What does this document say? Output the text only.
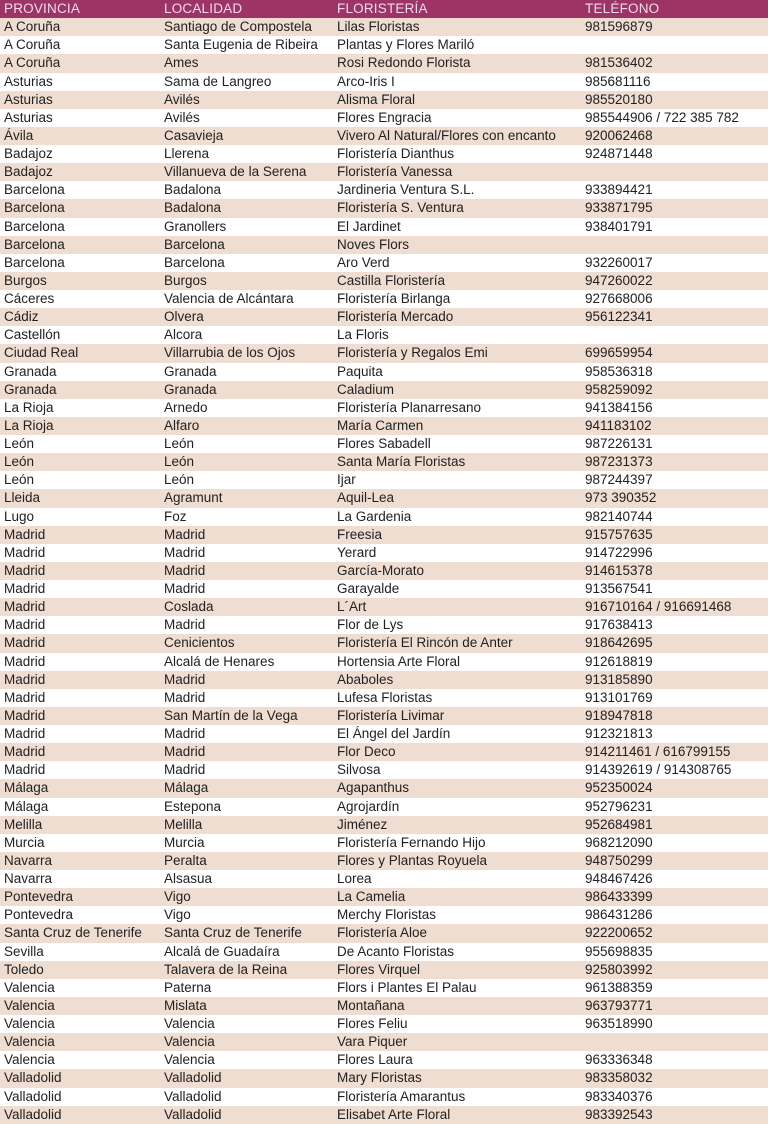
PROVINCIA	LOCALIDAD	FLORISTERÍA	TELÉFONO
A Coruña	Santiago de Compostela	Lilas Floristas	981596879
A Coruña	Santa Eugenia de Ribeira	Plantas y Flores Mariló	
A Coruña	Ames	Rosi Redondo Florista	981536402
Asturias	Sama de Langreo	Arco-Iris I	985681116
Asturias	Avilés	Alisma Floral	985520180
Asturias	Avilés	Flores Engracia	985544906 / 722 385 782
Ávila	Casavieja	Vivero Al Natural/Flores con encanto	920062468
Badajoz	Llerena	Floristería Dianthus	924871448
Badajoz	Villanueva de la Serena	Floristería Vanessa	
Barcelona	Badalona	Jardineria Ventura S.L.	933894421
Barcelona	Badalona	Floristería S. Ventura	933871795
Barcelona	Granollers	El Jardinet	938401791
Barcelona	Barcelona	Noves Flors	
Barcelona	Barcelona	Aro Verd	932260017
Burgos	Burgos	Castilla Floristería	947260022
Cáceres	Valencia de Alcántara	Floristería Birlanga	927668006
Cádiz	Olvera	Floristería Mercado	956122341
Castellón	Alcora	La Floris	
Ciudad Real	Villarrubia de los Ojos	Floristería y Regalos Emi	699659954
Granada	Granada	Paquita	958536318
Granada	Granada	Caladium	958259092
La Rioja	Arnedo	Floristería Planarresano	941384156
La Rioja	Alfaro	María Carmen	941183102
León	León	Flores Sabadell	987226131
León	León	Santa María Floristas	987231373
León	León	Ijar	987244397
Lleida	Agramunt	Aquil-Lea	973 390352
Lugo	Foz	La Gardenia	982140744
Madrid	Madrid	Freesia	915757635
Madrid	Madrid	Yerard	914722996
Madrid	Madrid	García-Morato	914615378
Madrid	Madrid	Garayalde	913567541
Madrid	Coslada	L´Art	916710164 / 916691468
Madrid	Madrid	Flor de Lys	917638413
Madrid	Cenicientos	Floristería El Rincón de Anter	918642695
Madrid	Alcalá de Henares	Hortensia Arte Floral	912618819
Madrid	Madrid	Ababoles	913185890
Madrid	Madrid	Lufesa Floristas	913101769
Madrid	San Martín de la Vega	Floristería Livimar	918947818
Madrid	Madrid	El Ángel del Jardín	912321813
Madrid	Madrid	Flor Deco	914211461 / 616799155
Madrid	Madrid	Silvosa	914392619 / 914308765
Málaga	Málaga	Agapanthus	952350024
Málaga	Estepona	Agrojardín	952796231
Melilla	Melilla	Jiménez	952684981
Murcia	Murcia	Floristería Fernando Hijo	968212090
Navarra	Peralta	Flores y Plantas Royuela	948750299
Navarra	Alsasua	Lorea	948467426
Pontevedra	Vigo	La Camelia	986433399
Pontevedra	Vigo	Merchy Floristas	986431286
Santa Cruz de Tenerife	Santa Cruz de Tenerife	Floristería Aloe	922200652
Sevilla	Alcalá de Guadaíra	De Acanto Floristas	955698835
Toledo	Talavera de la Reina	Flores Virquel	925803992
Valencia	Paterna	Flors i Plantes El Palau	961388359
Valencia	Mislata	Montañana	963793771
Valencia	Valencia	Flores Feliu	963518990
Valencia	Valencia	Vara Piquer	
Valencia	Valencia	Flores Laura	963336348
Valladolid	Valladolid	Mary Floristas	983358032
Valladolid	Valladolid	Floristería Amarantus	983340376
Valladolid	Valladolid	Elisabet Arte Floral	983392543
